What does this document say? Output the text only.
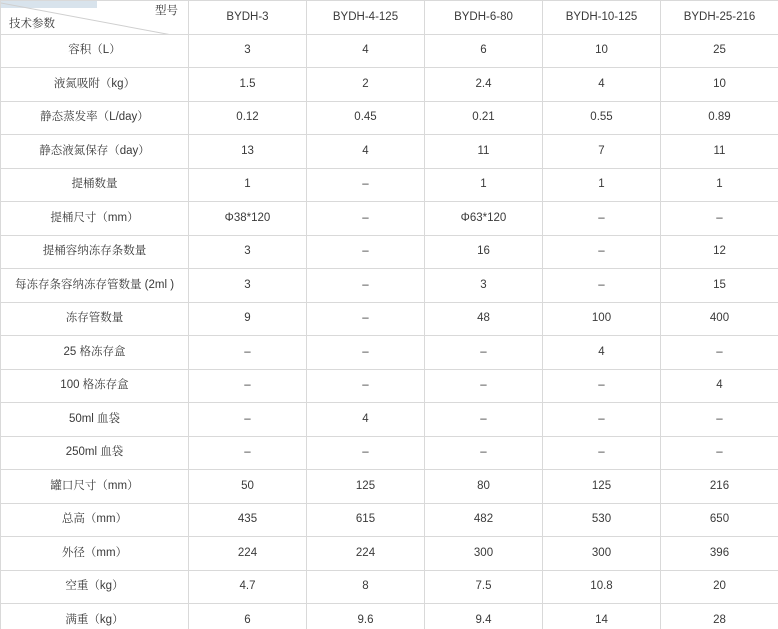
型号
技术参数	BYDH-3	BYDH-4-125	BYDH-6-80	BYDH-10-125	BYDH-25-216
容积（L）	3	4	6	10	25
液氮吸附（kg）	1.5	2	2.4	4	10
静态蒸发率（L/day）	0.12	0.45	0.21	0.55	0.89
静态液氮保存（day）	13	4	11	7	11
提桶数量	1	–	1	1	1
提桶尺寸（mm）	Φ38*120	–	Φ63*120	–	–
提桶容纳冻存条数量	3	–	16	–	12
每冻存条容纳冻存管数量 (2ml )	3	–	3	–	15
冻存管数量	9	–	48	100	400
25 格冻存盒	–	–	–	4	–
100 格冻存盒	–	–	–	–	4
50ml 血袋	–	4	–	–	–
250ml 血袋	–	–	–	–	–
罐口尺寸（mm）	50	125	80	125	216
总高（mm）	435	615	482	530	650
外径（mm）	224	224	300	300	396
空重（kg）	4.7	8	7.5	10.8	20
满重（kg）	6	9.6	9.4	14	28
